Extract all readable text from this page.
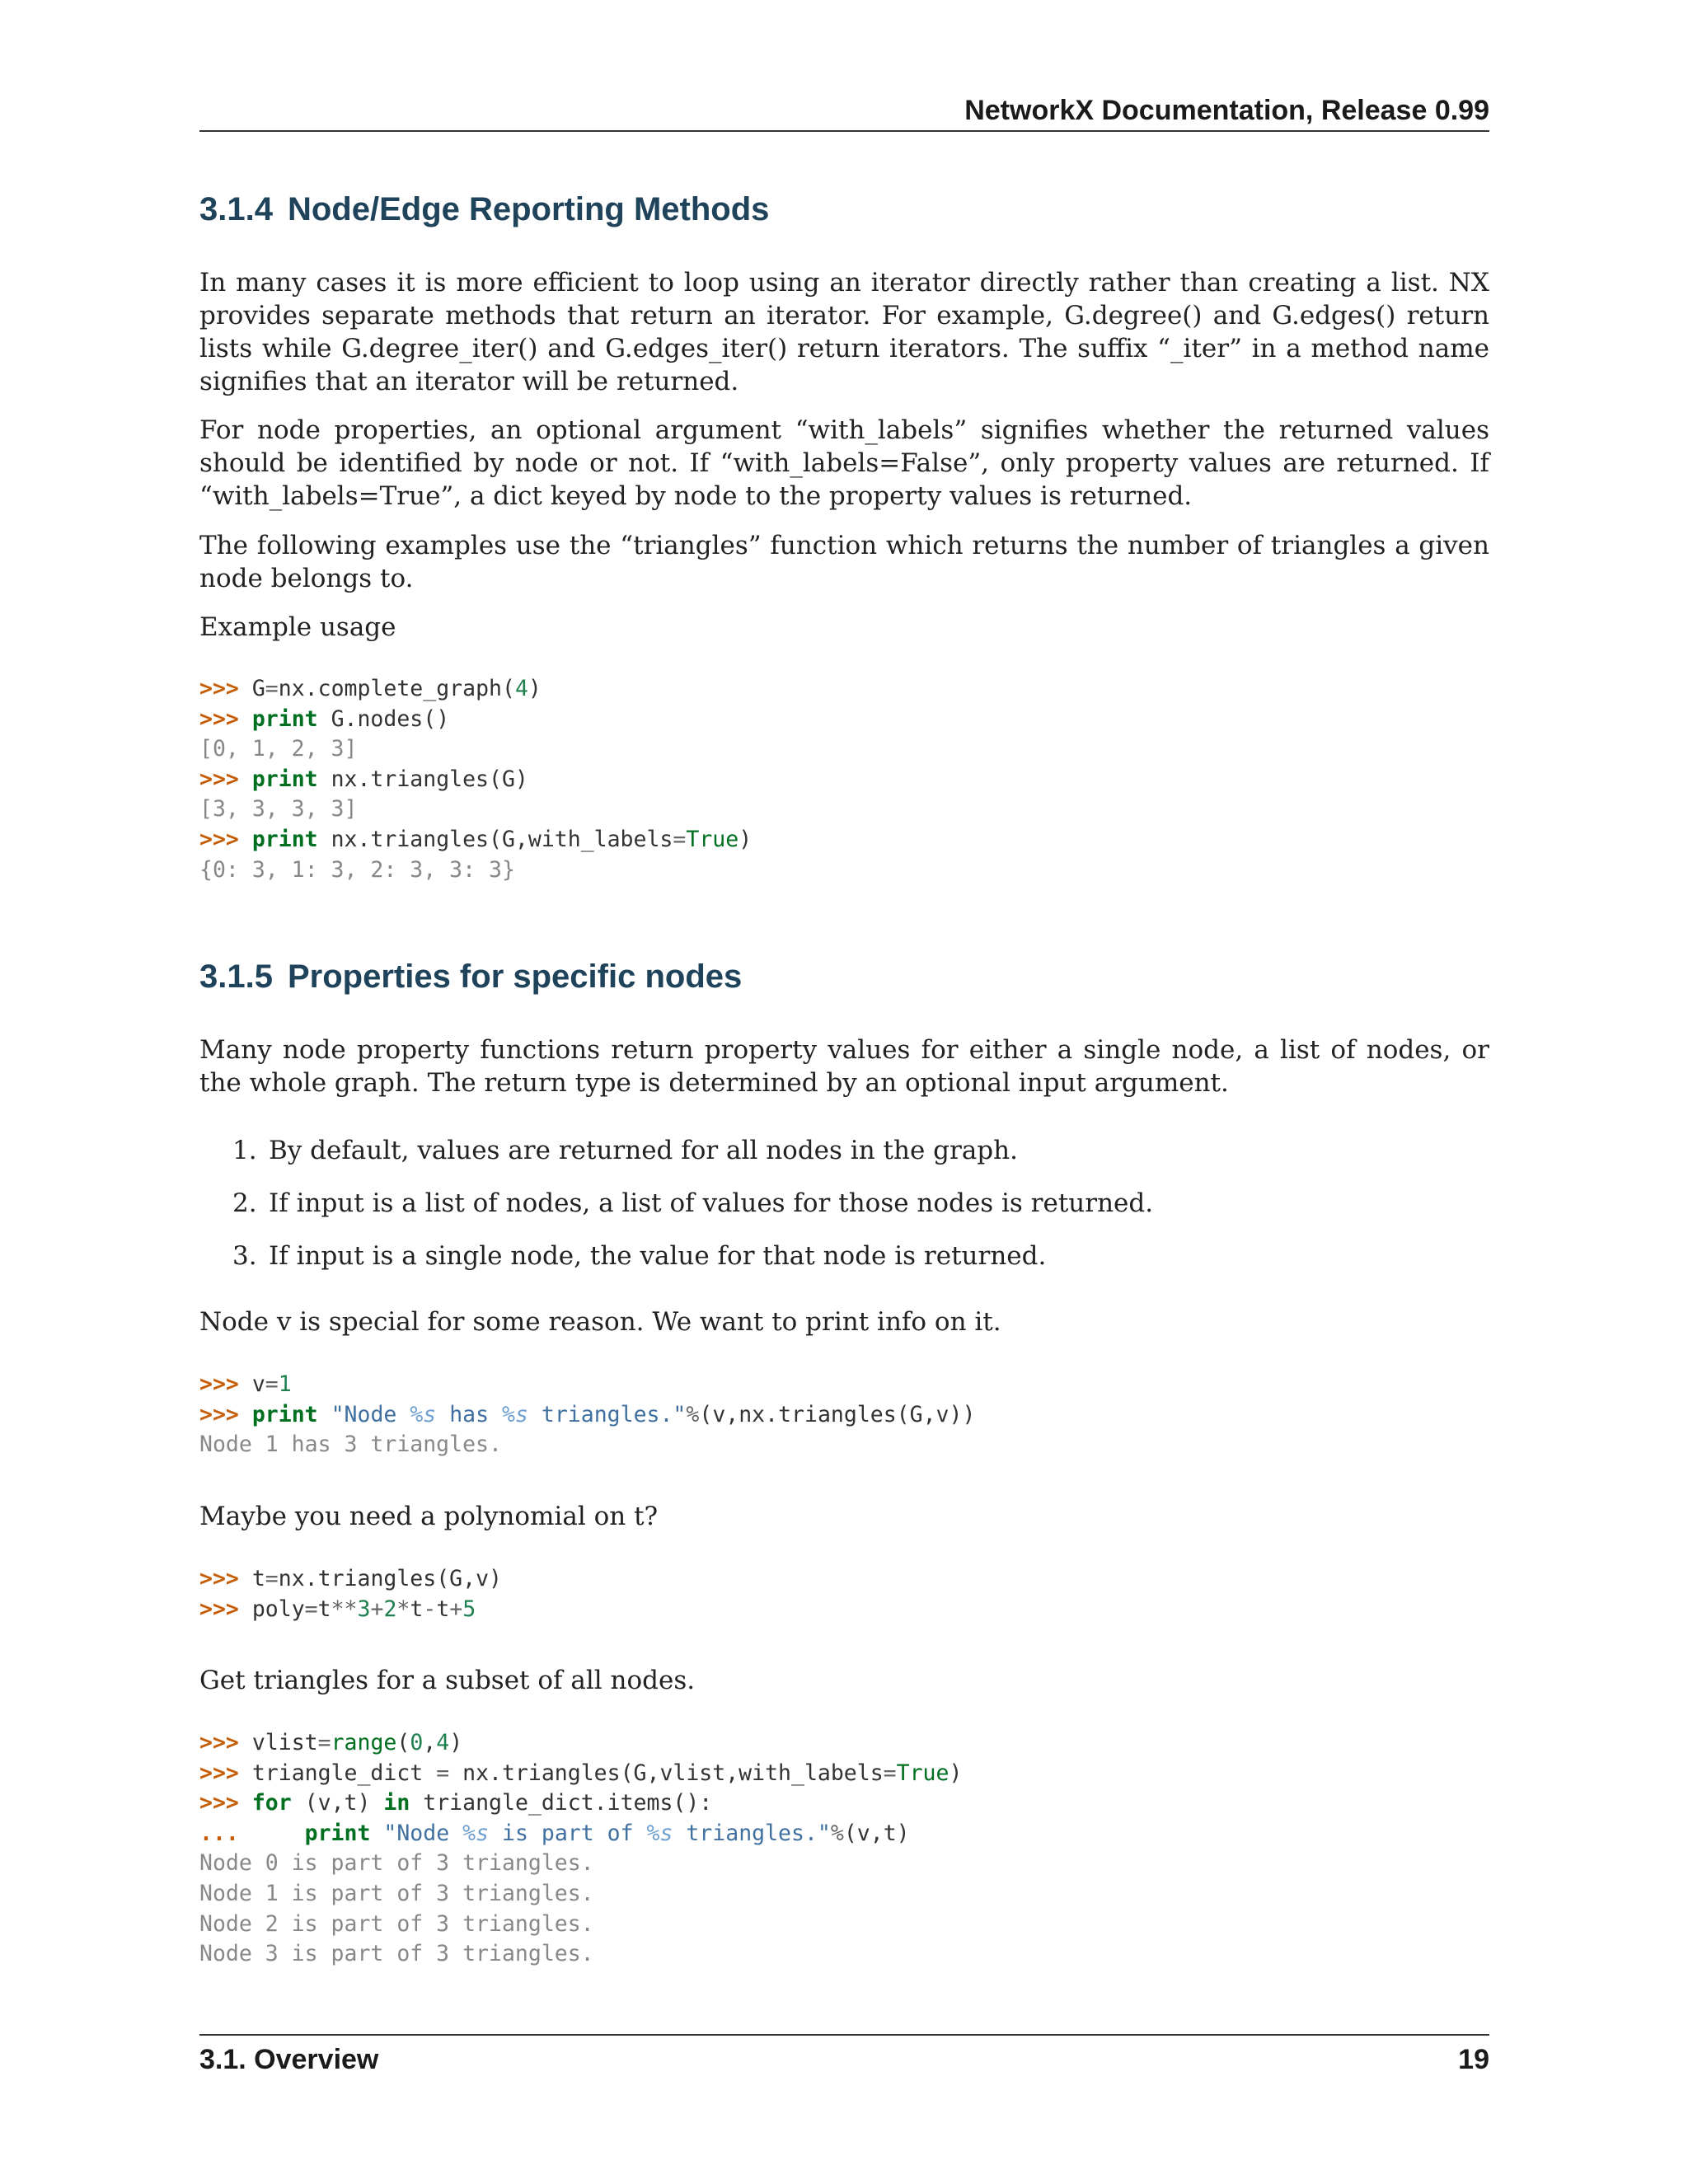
NetworkX Documentation, Release 0.99
3.1.4 Node/Edge Reporting Methods

In many cases it is more efficient to loop using an iterator directly rather than creating a list. NX provides separate methods that return an iterator. For example, G.degree() and G.edges() return lists while G.degree_iter() and G.edges_iter() return iterators. The suffix “_iter” in a method name signifies that an iterator will be returned.

For node properties, an optional argument “with_labels” signifies whether the returned values should be identified by node or not. If “with_labels=False”, only property values are returned. If “with_labels=True”, a dict keyed by node to the property values is returned.

The following examples use the “triangles” function which returns the number of triangles a given node belongs to.

Example usage

>>> G=nx.complete_graph(4)
>>> print G.nodes()
[0, 1, 2, 3]
>>> print nx.triangles(G)
[3, 3, 3, 3]
>>> print nx.triangles(G,with_labels=True)
{0: 3, 1: 3, 2: 3, 3: 3}
3.1.5 Properties for specific nodes

Many node property functions return property values for either a single node, a list of nodes, or the whole graph. The return type is determined by an optional input argument.

1. By default, values are returned for all nodes in the graph.
2. If input is a list of nodes, a list of values for those nodes is returned.
3. If input is a single node, the value for that node is returned.

Node v is special for some reason. We want to print info on it.

>>> v=1
>>> print "Node %s has %s triangles."%(v,nx.triangles(G,v))
Node 1 has 3 triangles.

Maybe you need a polynomial on t?

>>> t=nx.triangles(G,v)
>>> poly=t**3+2*t-t+5

Get triangles for a subset of all nodes.

>>> vlist=range(0,4)
>>> triangle_dict = nx.triangles(G,vlist,with_labels=True)
>>> for (v,t) in triangle_dict.items():
...     print "Node %s is part of %s triangles."%(v,t)
Node 0 is part of 3 triangles.
Node 1 is part of 3 triangles.
Node 2 is part of 3 triangles.
Node 3 is part of 3 triangles.
3.1. Overview	19
